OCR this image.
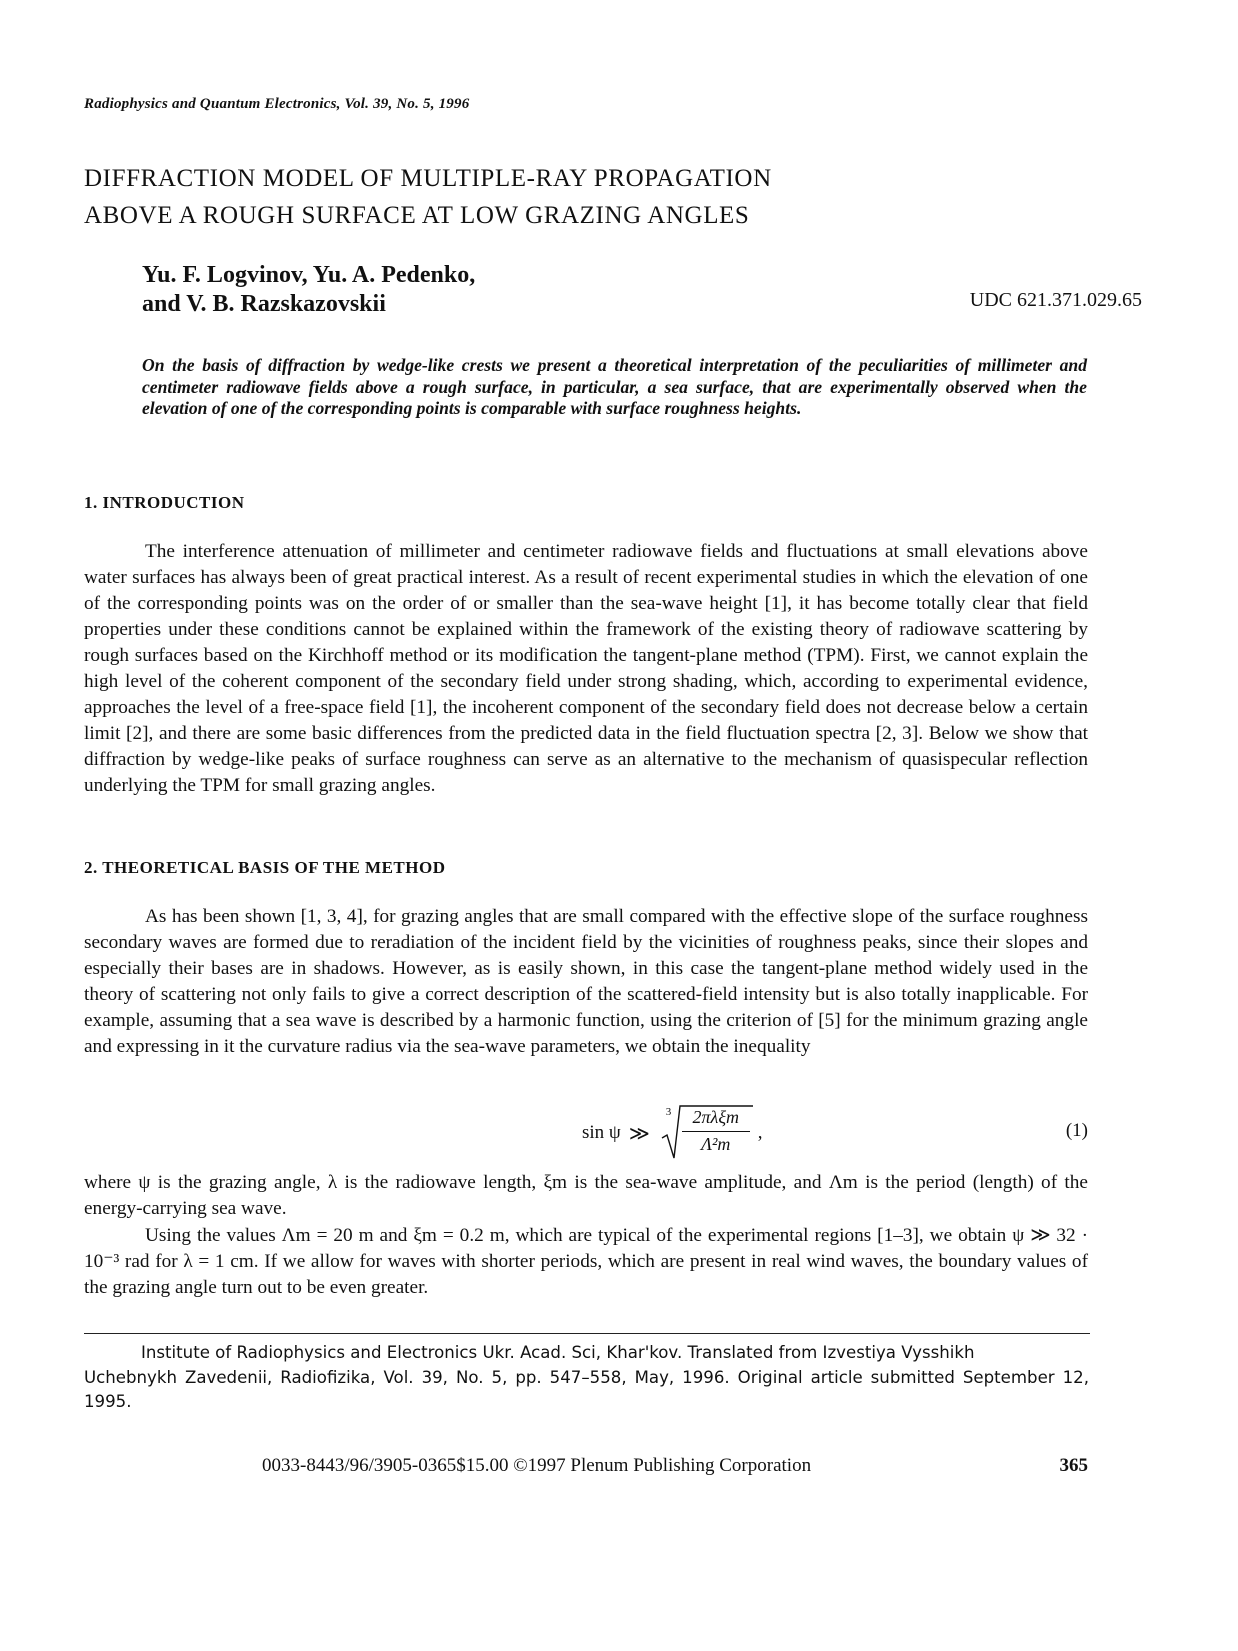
Radiophysics and Quantum Electronics, Vol. 39, No. 5, 1996
DIFFRACTION MODEL OF MULTIPLE-RAY PROPAGATION
ABOVE A ROUGH SURFACE AT LOW GRAZING ANGLES
Yu. F. Logvinov, Yu. A. Pedenko,
and V. B. Razskazovskii	UDC 621.371.029.65
On the basis of diffraction by wedge-like crests we present a theoretical interpretation of the peculiarities of millimeter and centimeter radiowave fields above a rough surface, in particular, a sea surface, that are experimentally observed when the elevation of one of the corresponding points is comparable with surface roughness heights.
1. INTRODUCTION
The interference attenuation of millimeter and centimeter radiowave fields and fluctuations at small elevations above water surfaces has always been of great practical interest. As a result of recent experimental studies in which the elevation of one of the corresponding points was on the order of or smaller than the sea-wave height [1], it has become totally clear that field properties under these conditions cannot be explained within the framework of the existing theory of radiowave scattering by rough surfaces based on the Kirchhoff method or its modification the tangent-plane method (TPM). First, we cannot explain the high level of the coherent component of the secondary field under strong shading, which, according to experimental evidence, approaches the level of a free-space field [1], the incoherent component of the secondary field does not decrease below a certain limit [2], and there are some basic differences from the predicted data in the field fluctuation spectra [2, 3]. Below we show that diffraction by wedge-like peaks of surface roughness can serve as an alternative to the mechanism of quasispecular reflection underlying the TPM for small grazing angles.
2. THEORETICAL BASIS OF THE METHOD
As has been shown [1, 3, 4], for grazing angles that are small compared with the effective slope of the surface roughness secondary waves are formed due to reradiation of the incident field by the vicinities of roughness peaks, since their slopes and especially their bases are in shadows. However, as is easily shown, in this case the tangent-plane method widely used in the theory of scattering not only fails to give a correct description of the scattered-field intensity but is also totally inapplicable. For example, assuming that a sea wave is described by a harmonic function, using the criterion of [5] for the minimum grazing angle and expressing in it the curvature radius via the sea-wave parameters, we obtain the inequality
sin ψ ≫
$3 \frac{\text{2πλξm}}{\text{Λ²m}}$ ,	(1)
where ψ is the grazing angle, λ is the radiowave length, ξm is the sea-wave amplitude, and Λm is the period (length) of the energy-carrying sea wave.
Using the values Λm = 20 m and ξm = 0.2 m, which are typical of the experimental regions [1–3], we obtain ψ ≫ 32 · 10⁻³ rad for λ = 1 cm. If we allow for waves with shorter periods, which are present in real wind waves, the boundary values of the grazing angle turn out to be even greater.
Institute of Radiophysics and Electronics Ukr. Acad. Sci, Khar'kov. Translated from Izvestiya Vysshikh
Uchebnykh Zavedenii, Radiofizika, Vol. 39, No. 5, pp. 547–558, May, 1996. Original article submitted September 12, 1995.
0033-8443/96/3905-0365$15.00 ©1997 Plenum Publishing Corporation	365
